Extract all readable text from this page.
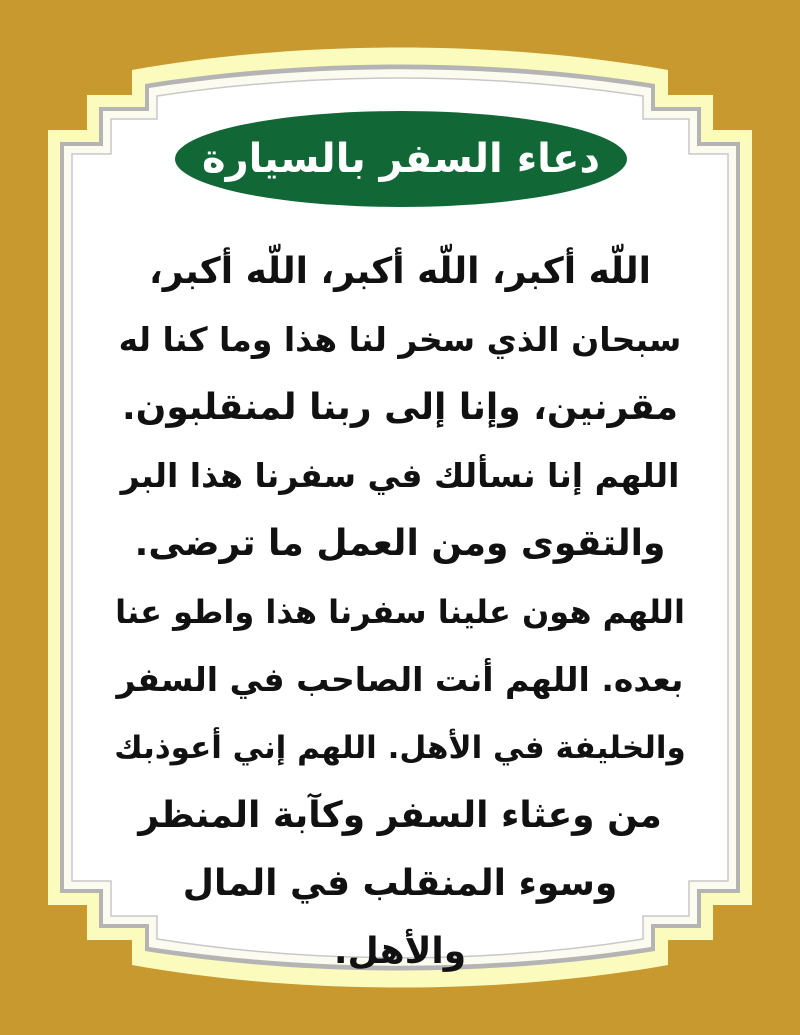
دعاء السفر بالسيارة
اللّه أكبر، اللّه أكبر، اللّه أكبر،
سبحان الذي سخر لنا هذا وما كنا له
مقرنين، وإنا إلى ربنا لمنقلبون.
اللهم إنا نسألك في سفرنا هذا البر
والتقوى ومن العمل ما ترضى.
اللهم هون علينا سفرنا هذا واطو عنا
بعده. اللهم أنت الصاحب في السفر
والخليفة في الأهل. اللهم إني أعوذبك
من وعثاء السفر وكآبة المنظر
وسوء المنقلب في المال
والأهل.
